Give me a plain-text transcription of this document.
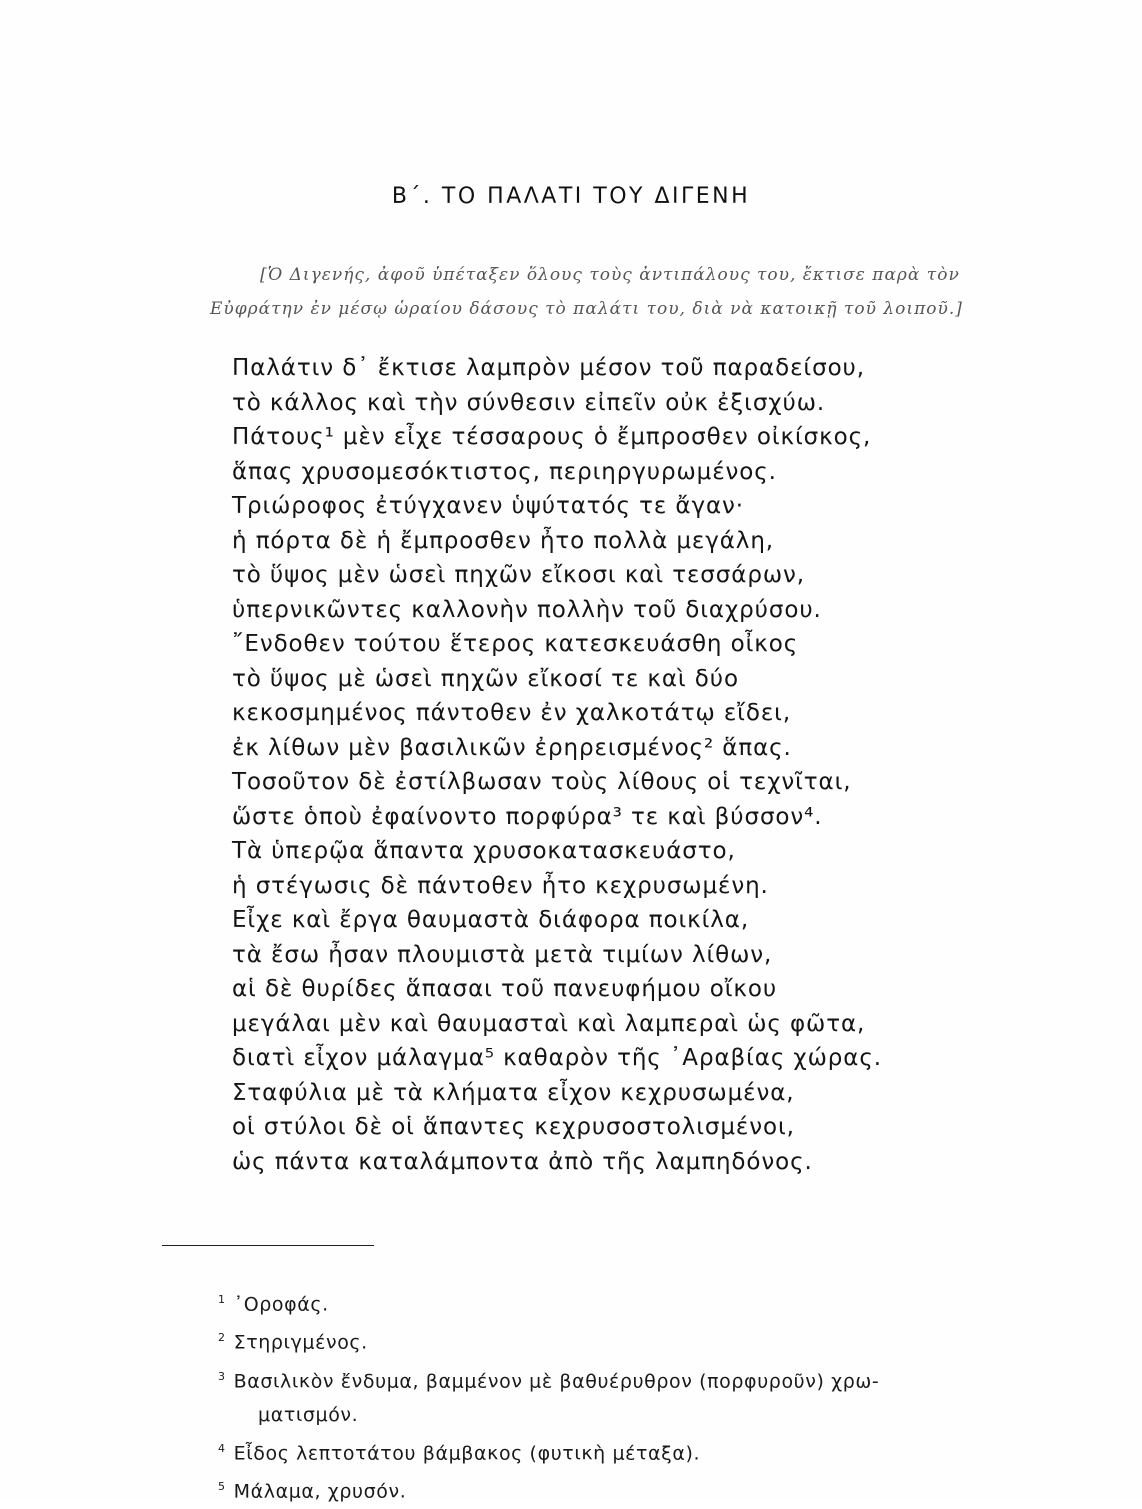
Β΄. ΤΟ ΠΑΛΑΤΙ ΤΟΥ ΔΙΓΕΝΗ
[Ὁ Διγενής, ἀφοῦ ὑπέταξεν ὅλους τοὺς ἀντιπάλους του, ἔκτισε παρὰ τὸν
Εὐφράτην ἐν μέσῳ ὡραίου δάσους τὸ παλάτι του, διὰ νὰ κατοικῇ τοῦ λοιποῦ.]
Παλάτιν δ᾽ ἔκτισε λαμπρὸν μέσον τοῦ παραδείσου,
τὸ κάλλος καὶ τὴν σύνθεσιν εἰπεῖν οὐκ ἐξισχύω.
Πάτους¹ μὲν εἶχε τέσσαρους ὁ ἔμπροσθεν οἰκίσκος,
ἅπας χρυσομεσόκτιστος, περιηργυρωμένος.
Τριώροφος ἐτύγχανεν ὑψύτατός τε ἄγαν·
ἡ πόρτα δὲ ἡ ἔμπροσθεν ἦτο πολλὰ μεγάλη,
τὸ ὕψος μὲν ὡσεὶ πηχῶν εἴκοσι καὶ τεσσάρων,
ὑπερνικῶντες καλλονὴν πολλὴν τοῦ διαχρύσου.
῎Ενδοθεν τούτου ἕτερος κατεσκευάσθη οἶκος
τὸ ὕψος μὲ ὡσεὶ πηχῶν εἴκοσί τε καὶ δύο
κεκοσμημένος πάντοθεν ἐν χαλκοτάτῳ εἴδει,
ἐκ λίθων μὲν βασιλικῶν ἐρηρεισμένος² ἅπας.
Τοσοῦτον δὲ ἐστίλβωσαν τοὺς λίθους οἱ τεχνῖται,
ὥστε ὁποὺ ἐφαίνοντο πορφύρα³ τε καὶ βύσσον⁴.
Τὰ ὑπερῷα ἅπαντα χρυσοκατασκευάστο,
ἡ στέγωσις δὲ πάντοθεν ἦτο κεχρυσωμένη.
Εἶχε καὶ ἔργα θαυμαστὰ διάφορα ποικίλα,
τὰ ἔσω ἦσαν πλουμιστὰ μετὰ τιμίων λίθων,
αἱ δὲ θυρίδες ἅπασαι τοῦ πανευφήμου οἴκου
μεγάλαι μὲν καὶ θαυμασταὶ καὶ λαμπεραὶ ὡς φῶτα,
διατὶ εἶχον μάλαγμα⁵ καθαρὸν τῆς ᾽Αραβίας χώρας.
Σταφύλια μὲ τὰ κλήματα εἶχον κεχρυσωμένα,
οἱ στύλοι δὲ οἱ ἅπαντες κεχρυσοστολισμένοι,
ὡς πάντα καταλάμποντα ἀπὸ τῆς λαμπηδόνος.
$^1$ ᾽Οροφάς.
$^2$ Στηριγμένος.
$^3$ Βασιλικὸν ἔνδυμα, βαμμένον μὲ βαθυέρυθρον (πορφυροῦν) χρω-
ματισμόν.
$^4$ Εἶδος λεπτοτάτου βάμβακος (φυτικὴ μέταξα).
$^5$ Μάλαμα, χρυσόν.
